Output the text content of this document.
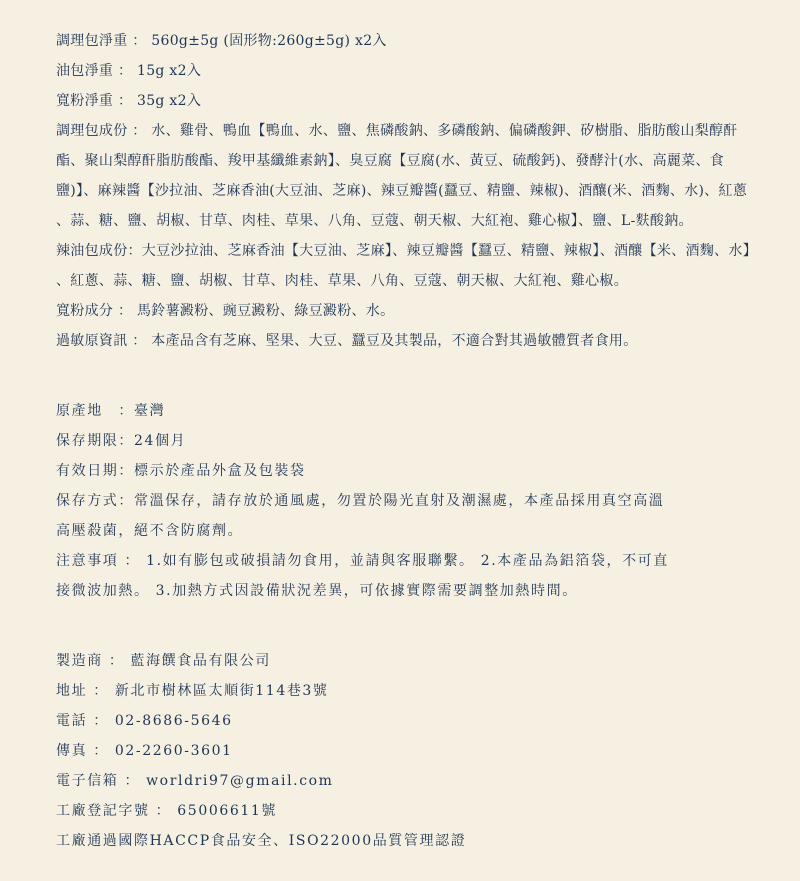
調理包淨重 ： 560g±5g (固形物:260g±5g) x2入
油包淨重 ： 15g x2入
寬粉淨重 ： 35g x2入
調理包成份 ： 水、雞骨、鴨血【鴨血、水、鹽、焦磷酸鈉、多磷酸鈉、偏磷酸鉀、矽樹脂、脂肪酸山梨醇酐
酯、聚山梨醇酐脂肪酸酯、羧甲基纖維素鈉】、臭豆腐【豆腐(水、黃豆、硫酸鈣)、發酵汁(水、高麗菜、食
鹽)】、麻辣醬【沙拉油、芝麻香油(大豆油、芝麻)、辣豆瓣醬(蠶豆、精鹽、辣椒)、酒釀(米、酒麴、水)、紅蔥
、蒜、糖、鹽、胡椒、甘草、肉桂、草果、八角、豆蔻、朝天椒、大紅袍、雞心椒】、鹽、L-麩酸鈉。
辣油包成份：大豆沙拉油、芝麻香油【大豆油、芝麻】、辣豆瓣醬【蠶豆、精鹽、辣椒】、酒釀【米、酒麴、水】
、紅蔥、蒜、糖、鹽、胡椒、甘草、肉桂、草果、八角、豆蔻、朝天椒、大紅袍、雞心椒。
寬粉成分 ： 馬鈴薯澱粉、豌豆澱粉、綠豆澱粉、水。
過敏原資訊 ： 本產品含有芝麻、堅果、大豆、蠶豆及其製品，不適合對其過敏體質者食用。
原產地　：臺灣
保存期限：24個月
有效日期：標示於產品外盒及包裝袋
保存方式：常溫保存，請存放於通風處，勿置於陽光直射及潮濕處，本產品採用真空高溫
高壓殺菌，絕不含防腐劑。
注意事項 ： 1.如有膨包或破損請勿食用，並請與客服聯繫。 2.本產品為鋁箔袋，不可直
接微波加熱。 3.加熱方式因設備狀況差異，可依據實際需要調整加熱時間。
製造商 ： 藍海饌食品有限公司
地址 ： 新北市樹林區太順街114巷3號
電話 ： 02-8686-5646
傳真 ： 02-2260-3601
電子信箱 ： worldri97@gmail.com
工廠登記字號 ： 65006611號
工廠通過國際HACCP食品安全、ISO22000品質管理認證
